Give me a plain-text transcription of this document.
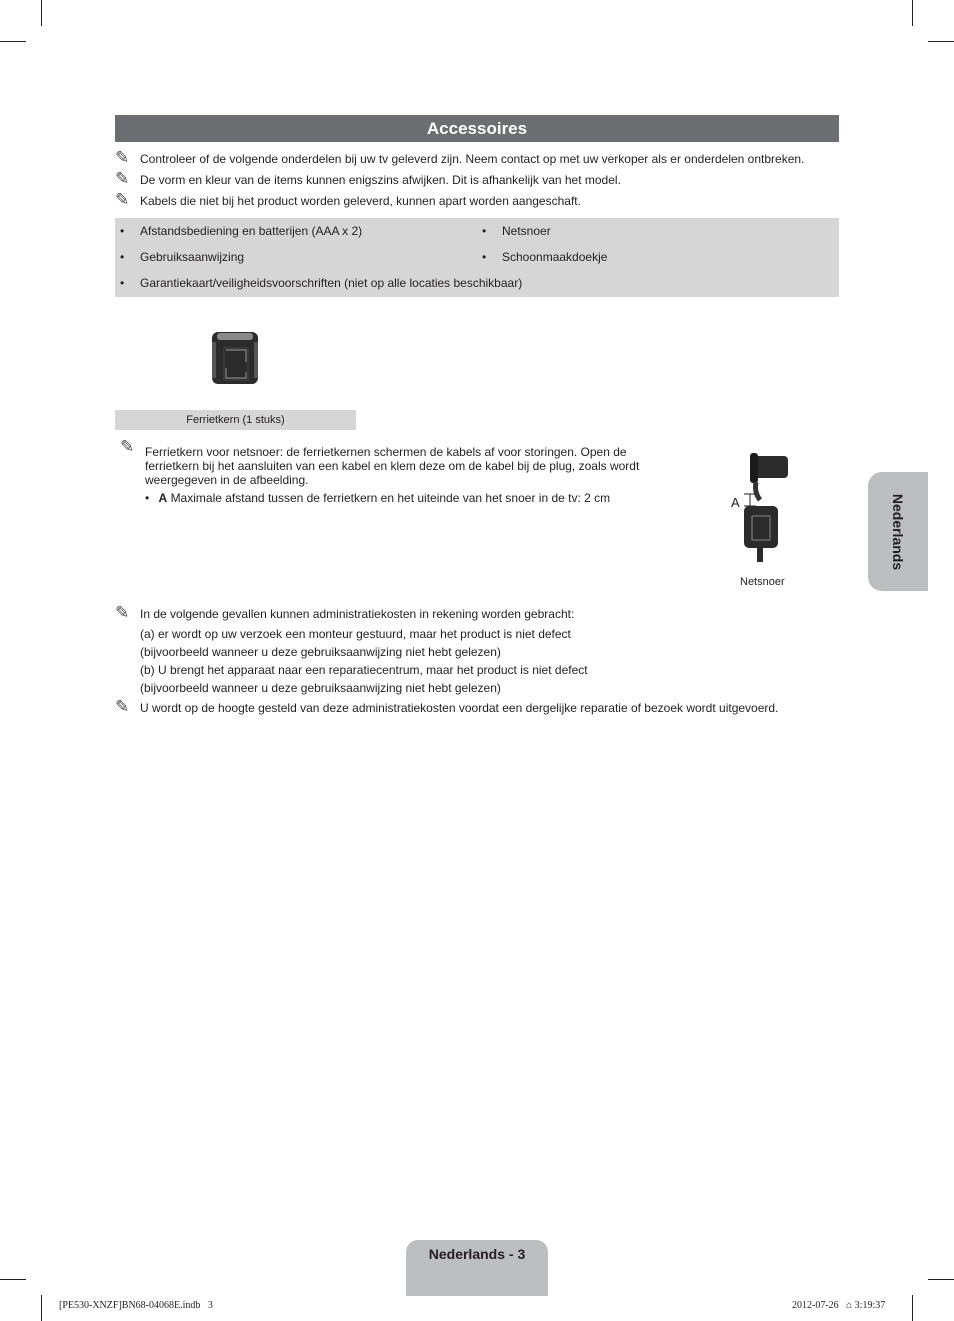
Accessoires
✎ Controleer of de volgende onderdelen bij uw tv geleverd zijn. Neem contact op met uw verkoper als er onderdelen ontbreken.
✎ De vorm en kleur van de items kunnen enigszins afwijken. Dit is afhankelijk van het model.
✎ Kabels die niet bij het product worden geleverd, kunnen apart worden aangeschaft.
• Afstandsbediening en batterijen (AAA x 2)
• Gebruiksaanwijzing
• Garantiekaart/veiligheidsvoorschriften (niet op alle locaties beschikbaar)
• Netsnoer
• Schoonmaakdoekje
Ferrietkern (1 stuks)
✎ Ferrietkern voor netsnoer: de ferrietkernen schermen de kabels af voor storingen. Open de
ferrietkern bij het aansluiten van een kabel en klem deze om de kabel bij de plug, zoals wordt
weergegeven in de afbeelding.
• A Maximale afstand tussen de ferrietkern en het uiteinde van het snoer in de tv: 2 cm	A
Netsnoer
Nederlands
✎ In de volgende gevallen kunnen administratiekosten in rekening worden gebracht:
(a) er wordt op uw verzoek een monteur gestuurd, maar het product is niet defect
(bijvoorbeeld wanneer u deze gebruiksaanwijzing niet hebt gelezen)
(b) U brengt het apparaat naar een reparatiecentrum, maar het product is niet defect
(bijvoorbeeld wanneer u deze gebruiksaanwijzing niet hebt gelezen)
✎ U wordt op de hoogte gesteld van deze administratiekosten voordat een dergelijke reparatie of bezoek wordt uitgevoerd.
Nederlands - 3
[PE530-XNZF]BN68-04068E.indb   3	2012-07-26   ⌂ 3:19:37
